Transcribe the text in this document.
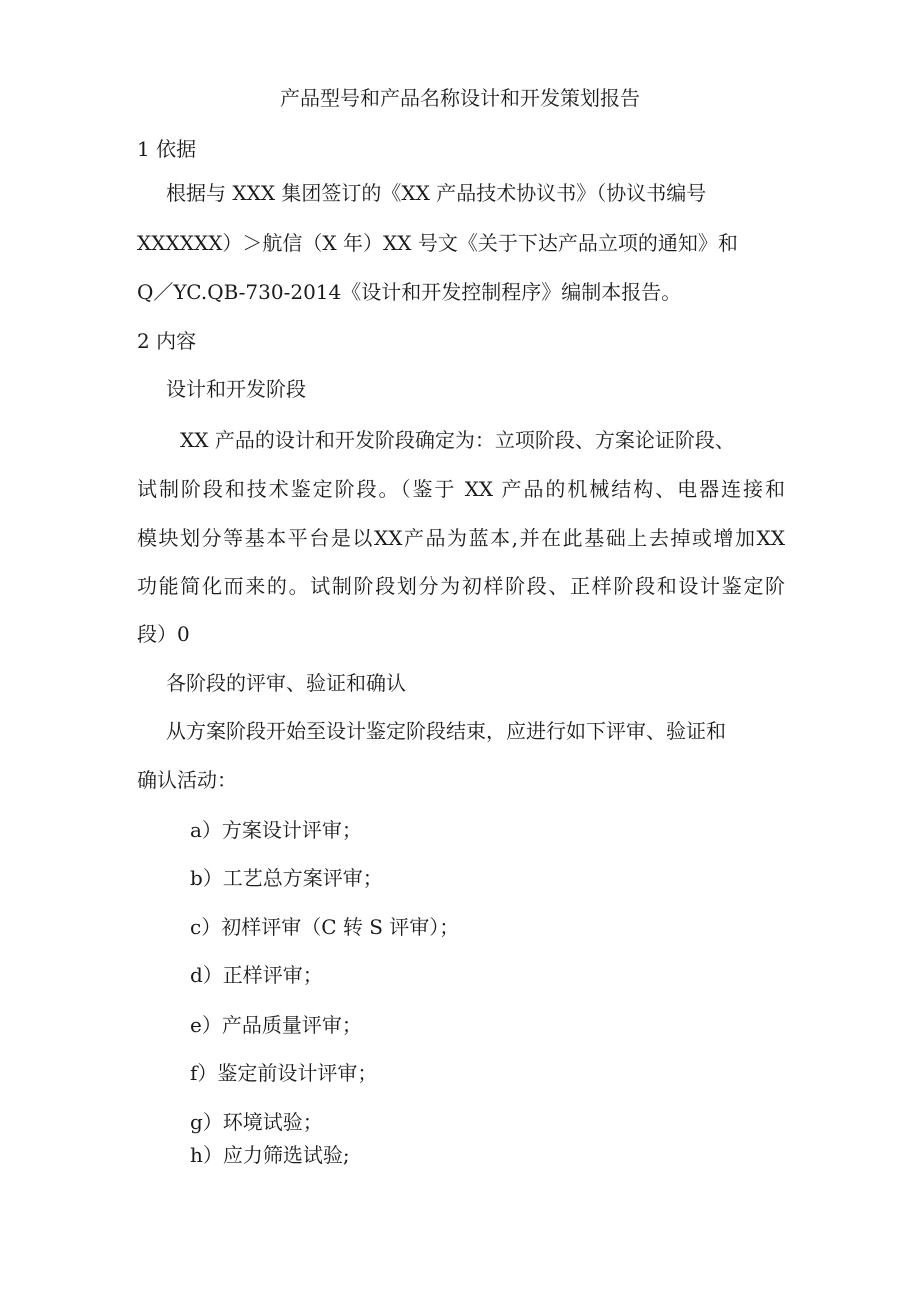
产品型号和产品名称设计和开发策划报告
1 依据
根据与 XXX 集团签订的《XX 产品技术协议书》（协议书编号
XXXXXX）＞航信（X 年）XX 号文《关于下达产品立项的通知》和
Q／YC.QB-730-2014《设计和开发控制程序》编制本报告。
2 内容
设计和开发阶段
XX 产品的设计和开发阶段确定为：立项阶段、方案论证阶段、
试制阶段和技术鉴定阶段。（鉴于 XX 产品的机械结构、电器连接和
模块划分等基本平台是以XX产品为蓝本,并在此基础上去掉或增加XX
功能简化而来的。试制阶段划分为初样阶段、正样阶段和设计鉴定阶
段）0
各阶段的评审、验证和确认
从方案阶段开始至设计鉴定阶段结束，应进行如下评审、验证和
确认活动：
a）方案设计评审；
b）工艺总方案评审；
c）初样评审（C 转 S 评审）；
d）正样评审；
e）产品质量评审；
f）鉴定前设计评审；
g）环境试验；
h）应力筛选试验;
